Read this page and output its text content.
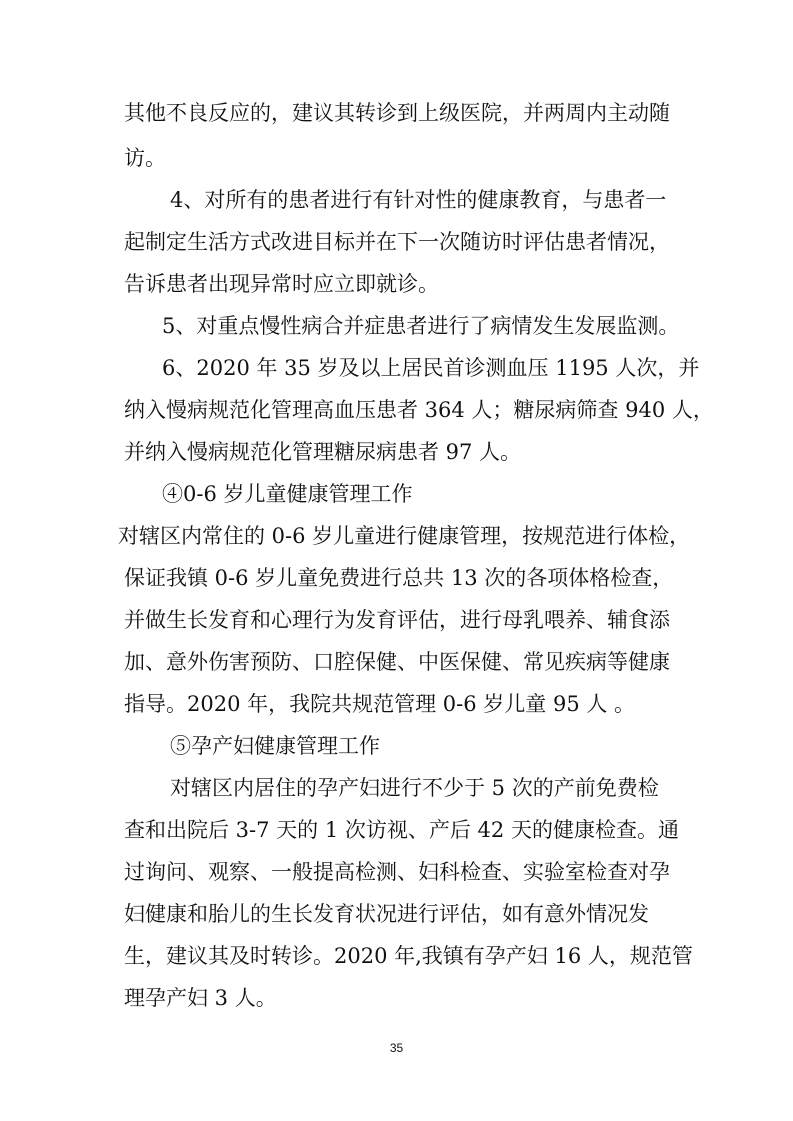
其他不良反应的，建议其转诊到上级医院，并两周内主动随
访。
4、对所有的患者进行有针对性的健康教育，与患者一
起制定生活方式改进目标并在下一次随访时评估患者情况，
告诉患者出现异常时应立即就诊。
5、对重点慢性病合并症患者进行了病情发生发展监测。
6、2020 年 35 岁及以上居民首诊测血压 1195 人次，并
纳入慢病规范化管理高血压患者 364 人；糖尿病筛查 940 人，
并纳入慢病规范化管理糖尿病患者 97 人。
④0-6 岁儿童健康管理工作
对辖区内常住的 0-6 岁儿童进行健康管理，按规范进行体检，
保证我镇 0-6 岁儿童免费进行总共 13 次的各项体格检查，
并做生长发育和心理行为发育评估，进行母乳喂养、辅食添
加、意外伤害预防、口腔保健、中医保健、常见疾病等健康
指导。2020 年，我院共规范管理 0-6 岁儿童 95 人 。
⑤孕产妇健康管理工作
对辖区内居住的孕产妇进行不少于 5 次的产前免费检
查和出院后 3-7 天的 1 次访视、产后 42 天的健康检查。通
过询问、观察、一般提高检测、妇科检查、实验室检查对孕
妇健康和胎儿的生长发育状况进行评估，如有意外情况发
生，建议其及时转诊。2020 年,我镇有孕产妇 16 人，规范管
理孕产妇 3 人。
35
